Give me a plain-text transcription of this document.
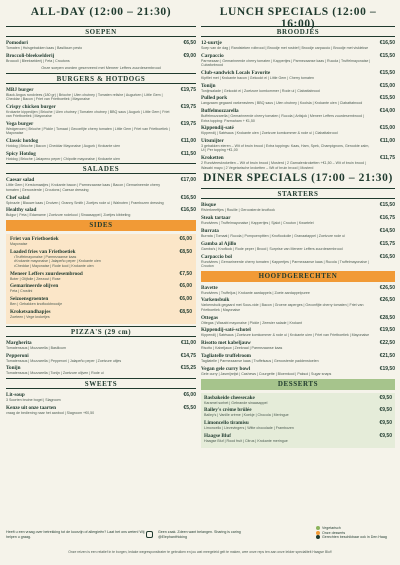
ALL-DAY (12:00 – 21:30)
SOEPEN
Pomodori	€6,50
Tomaten | Huisgebakken kaas | Basilicum pesto
Broccoli-bleekselderij	€9,00
Broccoli | Bleekselderij | Feta | Croutons
Onze soepen worden geserveerd met Meneer Leffers zuurdesembrood
BURGERS & HOTDOGS
MBJ burger	€19,75
Black Angus rundvlees (180 gr) | Brioche | Uien chutney | Tomaten relishe | Augurken | Little Gem | Cheddar | Bacon | Friet van Frietboetiek | Mayonaise
Crispy chicken burger	€19,75
Krokante kippedijen | Brioche | Uien chutney | Tomaten chutney | BBQ saus | Augurk | Little Gem | Friet van Frietboetiek | Mayonaise
Vega burger	€19,75
Wedgeroom | Brioche | Pickle | Tomaat | Geconfijte cherry tomaten | Little Gem | Friet van Frietboetiek | Mayonaise
Classic hotdog	€11,00
Hotdog | Brioche | Bacon | Cheddar Mayonaise | Augurk | Krokante uien
Spicy Hotdog	€11,50
Hotdog | Brioche | Jalapeno peper | Chipotle mayonaise | Krokante uien
SALADES
Caesar salad	€17,00
Little Gem | Kerstomaatjes | Krokante bacon | Parmezaanse kaas | Bacon | Gemarineerde cherry tomaten | Geroosterde | Croutons | Caesar dressing
Chef salad	€16,50
Spinazie | Blauwe kaas | Druiven | Granny Smith | Zoetjes rode ui | Walnoten | Frambozen dressing
Healthy salad	€16,50
Bulgur | Feta | Edamame | Zoetzure rodekool | Sinaasappel | Zoetjes kibbeling
SIDES
Friet van Frietboetiek	€6,00
Mayonaise
Loaded fries van Frietboetiek	€8,50
• Truffelmayonaise | Parmezaanse kaas
• Krokante mayonaise | Jalapeño peper | Krokante uien
• Cheddar | Mayonaise | Rode kool | Krokante uien
Meneer Leffers zuurdesembrood	€7,50
Boter | Olijfolie | Zeezout | Rose
Gemarineerde olijven	€6,00
Feta | Crostini
Seizoensgroenten	€6,00
Ben | Gebakken knoflookbroodje
Kroketsandhapjes	€8,50
Zoeteen | Vege kroketjes
PIZZA'S (29 cm)
Margherita	€11,00
Tomatensaus | Mozzarella | Basilicum
Pepperoni	€14,75
Tomatensaus | Mozzarella | Pepperoni | Jalapeño peper | Zoetzure uitjes
Tonijn	€15,25
Tomatensaus | Mozzarella | Tonijn | Zoetzure olijven | Rode ui
SWEETS
Lit-soup	€6,00
3 Soorten bruine bogel | Slagroom
Kenze uit onze taarten	€5,50
vraag de bediening naar het aanbod | Slagroom +€0,50
LUNCH SPECIALS (12:00 – 16:00)
BROODJES
12-uurtje	€16,50
Soep van de dag | Randsteken rolbrood | Broodje met rosbief | Broodje carpaccio | Broodje met visklekse
Carpaccio	€15,50
Parmezaan | Gemarineerde cherry tomaten | Kappertjes | Parmezaanse kaas | Rucola | Truffelmayonaise | Cubaforbrood
Club-sandwich Locals Favorite	€15,50
Kipfilet met | Krokante bacon | Gekookt ei | Little Gem | Cherry tomaten
Tonijn	€15,00
Tonijnsalade | Gekookt ei | Zoetzure komkommer | Rode ui | Ciabattabrood
Pulled pork	€15,50
Langzaam gegaard varkensvlees | BBQ saus | Uien chutney | Koolsla | Krokante uien | Ciabattabrood
Buffelmozzarella	€14,00
Buffelmozzarella | Gemarineerde cherry tomaten | Rucola | Artisjok | Meneer Leffers zuurdesembrood | Extra topping: Parmaham + €1,50
Kippendij-saté	€15,00
Kippendij | Satésaus | Krokante uien | Zoetzure komkommer & rode ui | Ciabattabrood
Uitsmijter	€11,00
3 gebakken eieren – Wit of bruin brood | Extra toppings: Kaas, Ham, Spek, Champignons, Gerookte zalm, Ui | Per topping +€1,00
Kroketten	€11,75
2 Rundvleeskroketten – Wit of bruin brood | Mosterd | 2 Garnalenkroketten +€1,50 – Wit of bruin brood | Wasabi mayo | 2 Vegetarische kroketten – Wit of bruin brood | Mosterd
DINER SPECIALS (17:00 – 21:30)
STARTERS
Bisque	€15,50
Rivierkreeftjes | Rouille | Geroosterde knoflook
Steak tartaar	€16,75
Rundvlees | Truffelmayonaise | Kappertjes | Sjalot | Crouton | Kwartelei
Burrata	€14,50
Burrata | Tomaat | Rucola | Pompoenpitten | Knoflookolie | Granaatappel | Zoetzure rode ui
Gamba al Ajillo	€15,75
Gamba's | Knoflook | Rode peper | Brood | Surprise van Meneer Leffers zuurdesembrood
Carpaccio bol	€16,50
Rundvlees | Gemarineerde cherry tomaten | Kappertjes | Parmezaanse kaas | Rucola | Truffelmayonaise | Crouton
HOOFDGERECHTEN
Bavette	€26,50
Rundvlees | Truffeljus | Krokante aardappels | Zoete aardappelpuree
Varkensbuik	€26,50
Varkensbuik gegaard met Sous-vide | Bacon | Groene asperges | Geconfijte cherry tomaten | Friet van Frietboetiek | Mayonaise
Ottegas	€28,50
Ottegas | Wasabi mayonaise | Pickle | Zeewier salade | Krokant
Kippendij-saté-schotel	€19,50
Kippendij | Satésaus | Zoetzure komkommer & rode ui | Krokante uien | Friet van Frietboetiek | Mayonaise
Risotto met kabeljauw	€22,50
Risotto | Kabeljauw | Zeekraal | Parmezaanse kaas
Tagliatelle truffelroom	€21,50
Tagliatelle | Parmezaanse kaas | Truffelsaus | Geroosterde paddenstoelen
Vegan gele curry bowl	€19,50
Gele curry | Jasmijnrijst | Cashews | Courgette | Bloemkool | Paksoi | Sugar snaps
DESSERTS
Basbakeide cheesecake	€9,50
Karamel sorbet | Gebrande sinaasappel
Bailey's crème brûlée	€9,50
Bailey's | Vanille crème | Koekje | Chocola | Meringue
Limoncello tiramisu	€9,50
Limoncello | Lievevingers | Witte chocolade | Frambozen
Haagse Bluf	€9,50
Haagse Bluf | Rood fruit | Citrus | Krokante meringue
Heeft u een vraag over betrekking tot de koorzijn of allergieën? Laat het ons weten! Wij helpen u graag.
Geen zaak. Zdeen want belangen. Sharing is caring @ElephantHoking
Vegetarisch
Onze desserts
Gerechten beschikbaar ook in Den Haag
Onze reizen is een relatief in te borgen, ledake wegresponsitrater te gebruiken en jou wat meegeleid gelt te maken, wee onze reps ten aan onze lekker specialiteit Haagse Bluf!
